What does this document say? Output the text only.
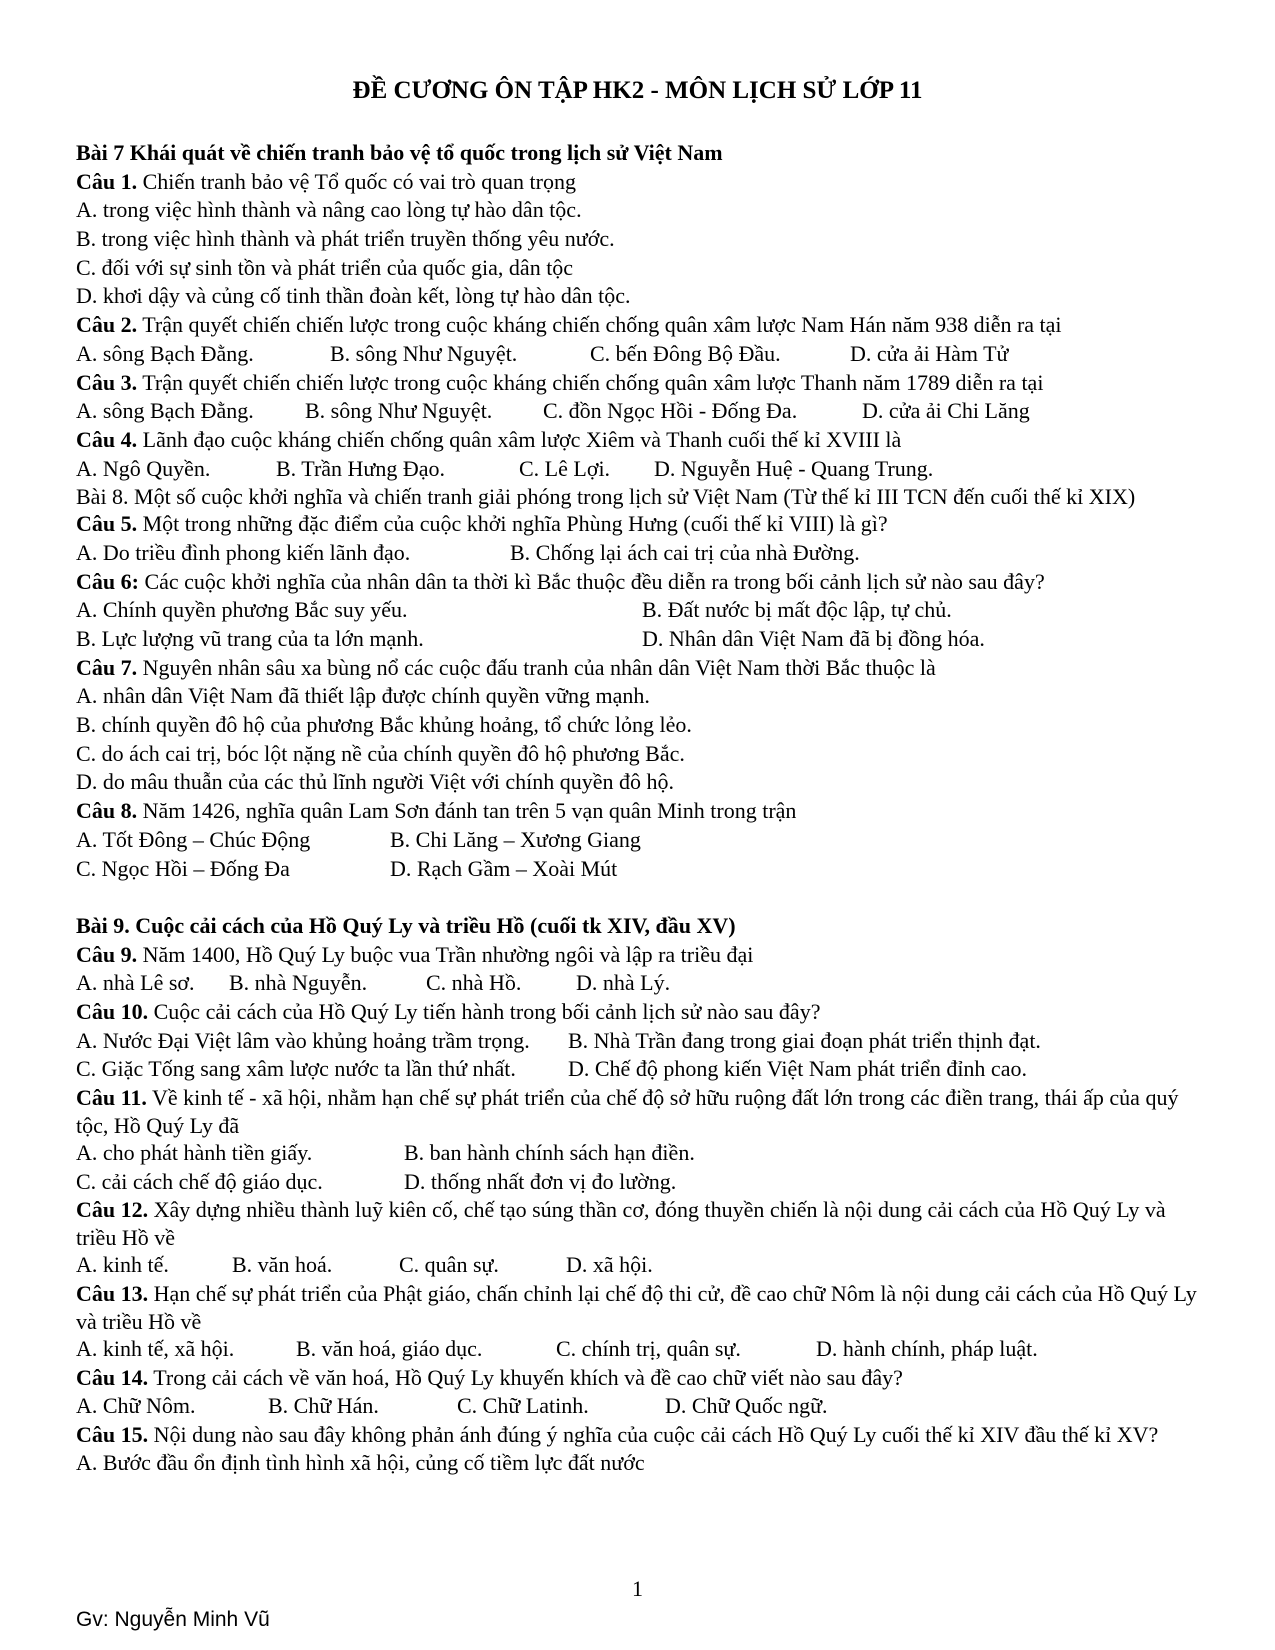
ĐỀ CƯƠNG ÔN TẬP HK2 - MÔN LỊCH SỬ LỚP 11
Bài 7 Khái quát về chiến tranh bảo vệ tổ quốc trong lịch sử Việt Nam
Câu 1. Chiến tranh bảo vệ Tổ quốc có vai trò quan trọng
A. trong việc hình thành và nâng cao lòng tự hào dân tộc.
B. trong việc hình thành và phát triển truyền thống yêu nước.
C. đối với sự sinh tồn và phát triển của quốc gia, dân tộc
D. khơi dậy và củng cố tinh thần đoàn kết, lòng tự hào dân tộc.
Câu 2. Trận quyết chiến chiến lược trong cuộc kháng chiến chống quân xâm lược Nam Hán năm 938 diễn ra tại
A. sông Bạch Đằng.	B. sông Như Nguyệt.	C. bến Đông Bộ Đầu.	D. cửa ải Hàm Tử
Câu 3. Trận quyết chiến chiến lược trong cuộc kháng chiến chống quân xâm lược Thanh năm 1789 diễn ra tại
A. sông Bạch Đằng. B. sông Như Nguyệt. C. đồn Ngọc Hồi - Đống Đa.	D. cửa ải Chi Lăng
Câu 4. Lãnh đạo cuộc kháng chiến chống quân xâm lược Xiêm và Thanh cuối thế kỉ XVIII là
A. Ngô Quyền.	B. Trần Hưng Đạo.	C. Lê Lợi. D. Nguyễn Huệ - Quang Trung.
Bài 8. Một số cuộc khởi nghĩa và chiến tranh giải phóng trong lịch sử Việt Nam (Từ thế kỉ III TCN đến cuối thế kỉ XIX)
Câu 5. Một trong những đặc điểm của cuộc khởi nghĩa Phùng Hưng (cuối thế kỉ VIII) là gì?
A. Do triều đình phong kiến lãnh đạo.	B. Chống lại ách cai trị của nhà Đường.
Câu 6: Các cuộc khởi nghĩa của nhân dân ta thời kì Bắc thuộc đều diễn ra trong bối cảnh lịch sử nào sau đây?
A. Chính quyền phương Bắc suy yếu.	B. Đất nước bị mất độc lập, tự chủ.
B. Lực lượng vũ trang của ta lớn mạnh.	D. Nhân dân Việt Nam đã bị đồng hóa.
Câu 7. Nguyên nhân sâu xa bùng nổ các cuộc đấu tranh của nhân dân Việt Nam thời Bắc thuộc là
A. nhân dân Việt Nam đã thiết lập được chính quyền vững mạnh.
B. chính quyền đô hộ của phương Bắc khủng hoảng, tổ chức lỏng lẻo.
C. do ách cai trị, bóc lột nặng nề của chính quyền đô hộ phương Bắc.
D. do mâu thuẫn của các thủ lĩnh người Việt với chính quyền đô hộ.
Câu 8. Năm 1426, nghĩa quân Lam Sơn đánh tan trên 5 vạn quân Minh trong trận
A. Tốt Đông – Chúc Động	B. Chi Lăng – Xương Giang
C. Ngọc Hồi – Đống Đa	D. Rạch Gầm – Xoài Mút
Bài 9. Cuộc cải cách của Hồ Quý Ly và triều Hồ (cuối tk XIV, đầu XV)
Câu 9. Năm 1400, Hồ Quý Ly buộc vua Trần nhường ngôi và lập ra triều đại
A. nhà Lê sơ. B. nhà Nguyễn.	C. nhà Hồ. D. nhà Lý.
Câu 10. Cuộc cải cách của Hồ Quý Ly tiến hành trong bối cảnh lịch sử nào sau đây?
A. Nước Đại Việt lâm vào khủng hoảng trầm trọng. B. Nhà Trần đang trong giai đoạn phát triển thịnh đạt.
C. Giặc Tống sang xâm lược nước ta lần thứ nhất. D. Chế độ phong kiến Việt Nam phát triển đỉnh cao.
Câu 11. Về kinh tế - xã hội, nhằm hạn chế sự phát triển của chế độ sở hữu ruộng đất lớn trong các điền trang, thái ấp của quý tộc, Hồ Quý Ly đã
A. cho phát hành tiền giấy.	B. ban hành chính sách hạn điền.
C. cải cách chế độ giáo dục.	D. thống nhất đơn vị đo lường.
Câu 12. Xây dựng nhiều thành luỹ kiên cố, chế tạo súng thần cơ, đóng thuyền chiến là nội dung cải cách của Hồ Quý Ly và triều Hồ về
A. kinh tế.	B. văn hoá.	C. quân sự.	D. xã hội.
Câu 13. Hạn chế sự phát triển của Phật giáo, chấn chỉnh lại chế độ thi cử, đề cao chữ Nôm là nội dung cải cách của Hồ Quý Ly và triều Hồ về
A. kinh tế, xã hội.	B. văn hoá, giáo dục.	C. chính trị, quân sự.	D. hành chính, pháp luật.
Câu 14. Trong cải cách về văn hoá, Hồ Quý Ly khuyến khích và đề cao chữ viết nào sau đây?
A. Chữ Nôm.	B. Chữ Hán.	C. Chữ Latinh.	D. Chữ Quốc ngữ.
Câu 15. Nội dung nào sau đây không phản ánh đúng ý nghĩa của cuộc cải cách Hồ Quý Ly cuối thế kỉ XIV đầu thế kỉ XV?
A. Bước đầu ổn định tình hình xã hội, củng cố tiềm lực đất nước
1
Gv: Nguyễn Minh Vũ
